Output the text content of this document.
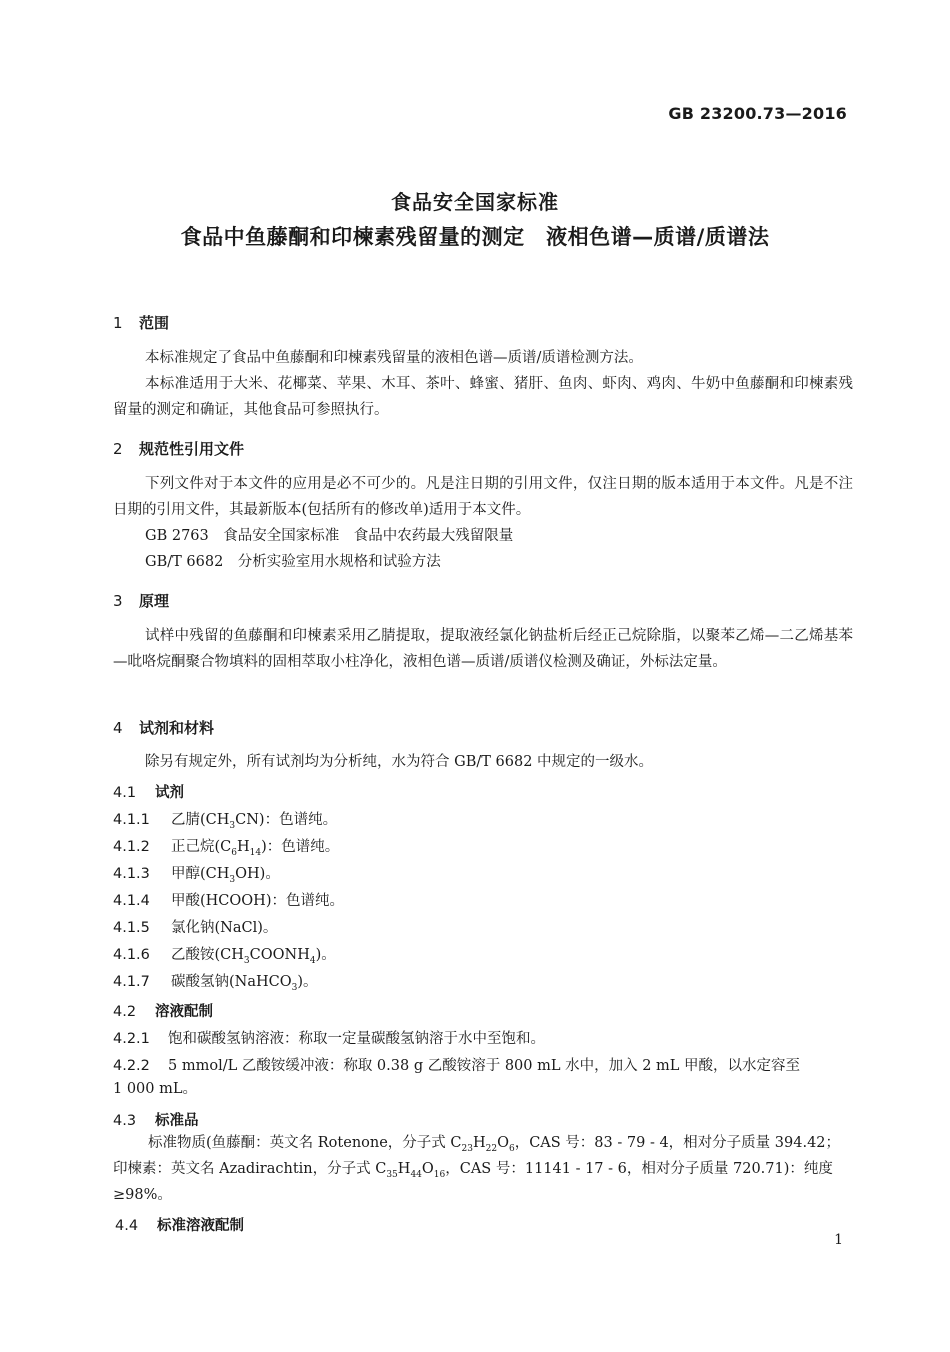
GB 23200.73—2016
食品安全国家标准
食品中鱼藤酮和印楝素残留量的测定　液相色谱—质谱/质谱法
1 范围
本标准规定了食品中鱼藤酮和印楝素残留量的液相色谱—质谱/质谱检测方法。
本标准适用于大米、花椰菜、苹果、木耳、茶叶、蜂蜜、猪肝、鱼肉、虾肉、鸡肉、牛奶中鱼藤酮和印楝素残留量的测定和确证，其他食品可参照执行。
2 规范性引用文件
下列文件对于本文件的应用是必不可少的。凡是注日期的引用文件，仅注日期的版本适用于本文件。凡是不注日期的引用文件，其最新版本(包括所有的修改单)适用于本文件。
GB 2763　食品安全国家标准　食品中农药最大残留限量
GB/T 6682　分析实验室用水规格和试验方法
3 原理
试样中残留的鱼藤酮和印楝素采用乙腈提取，提取液经氯化钠盐析后经正己烷除脂，以聚苯乙烯—二乙烯基苯—吡咯烷酮聚合物填料的固相萃取小柱净化，液相色谱—质谱/质谱仪检测及确证，外标法定量。
4 试剂和材料
除另有规定外，所有试剂均为分析纯，水为符合 GB/T 6682 中规定的一级水。
4.1 试剂
4.1.1 乙腈$(CH_3CN)$：色谱纯。
4.1.2 正己烷$(C_6H_{14})$：色谱纯。
4.1.3 甲醇$(CH_3OH)$。
4.1.4 甲酸(HCOOH)：色谱纯。
4.1.5 氯化钠(NaCl)。
4.1.6 乙酸铵$(CH_3COONH_4)$。
4.1.7 碳酸氢钠(NaHCO$_3$)。
4.2 溶液配制
4.2.1 饱和碳酸氢钠溶液：称取一定量碳酸氢钠溶于水中至饱和。
4.2.2 5 mmol/L 乙酸铵缓冲液：称取 0.38 g 乙酸铵溶于 800 mL 水中，加入 2 mL 甲酸，以水定容至
1 000 mL。
4.3 标准品
标准物质(鱼藤酮：英文名 Rotenone，分子式 $C_{23}H_{22}O_6$，CAS 号：83 - 79 - 4，相对分子质量 394.42；
印楝素：英文名 Azadirachtin，分子式 $C_{35}H_{44}O_{16}$，CAS 号：11141 - 17 - 6，相对分子质量 720.71)：纯度
≥98%。
4.4 标准溶液配制
1
